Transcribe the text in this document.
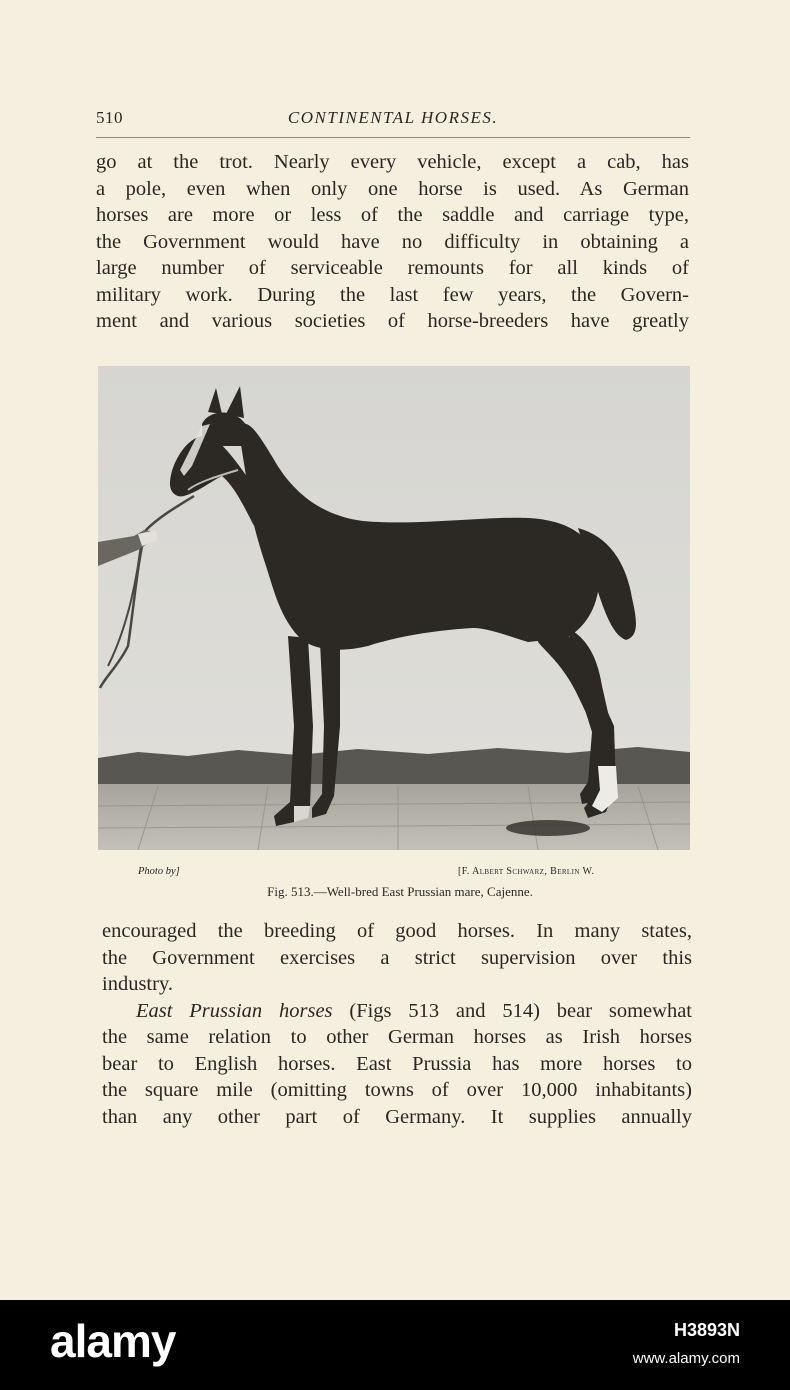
510	CONTINENTAL HORSES.
go at the trot. Nearly every vehicle, except a cab, has
a pole, even when only one horse is used. As German
horses are more or less of the saddle and carriage type,
the Government would have no difficulty in obtaining a
large number of serviceable remounts for all kinds of
military work. During the last few years, the Govern-
ment and various societies of horse-breeders have greatly
Photo by]	[F. Albert Schwarz, Berlin W.
Fig. 513.—Well-bred East Prussian mare, Cajenne.
encouraged the breeding of good horses. In many states,
the Government exercises a strict supervision over this
industry.
East Prussian horses (Figs 513 and 514) bear somewhat
the same relation to other German horses as Irish horses
bear to English horses. East Prussia has more horses to
the square mile (omitting towns of over 10,000 inhabitants)
than any other part of Germany. It supplies annually
alamy	H3893N
www.alamy.com
